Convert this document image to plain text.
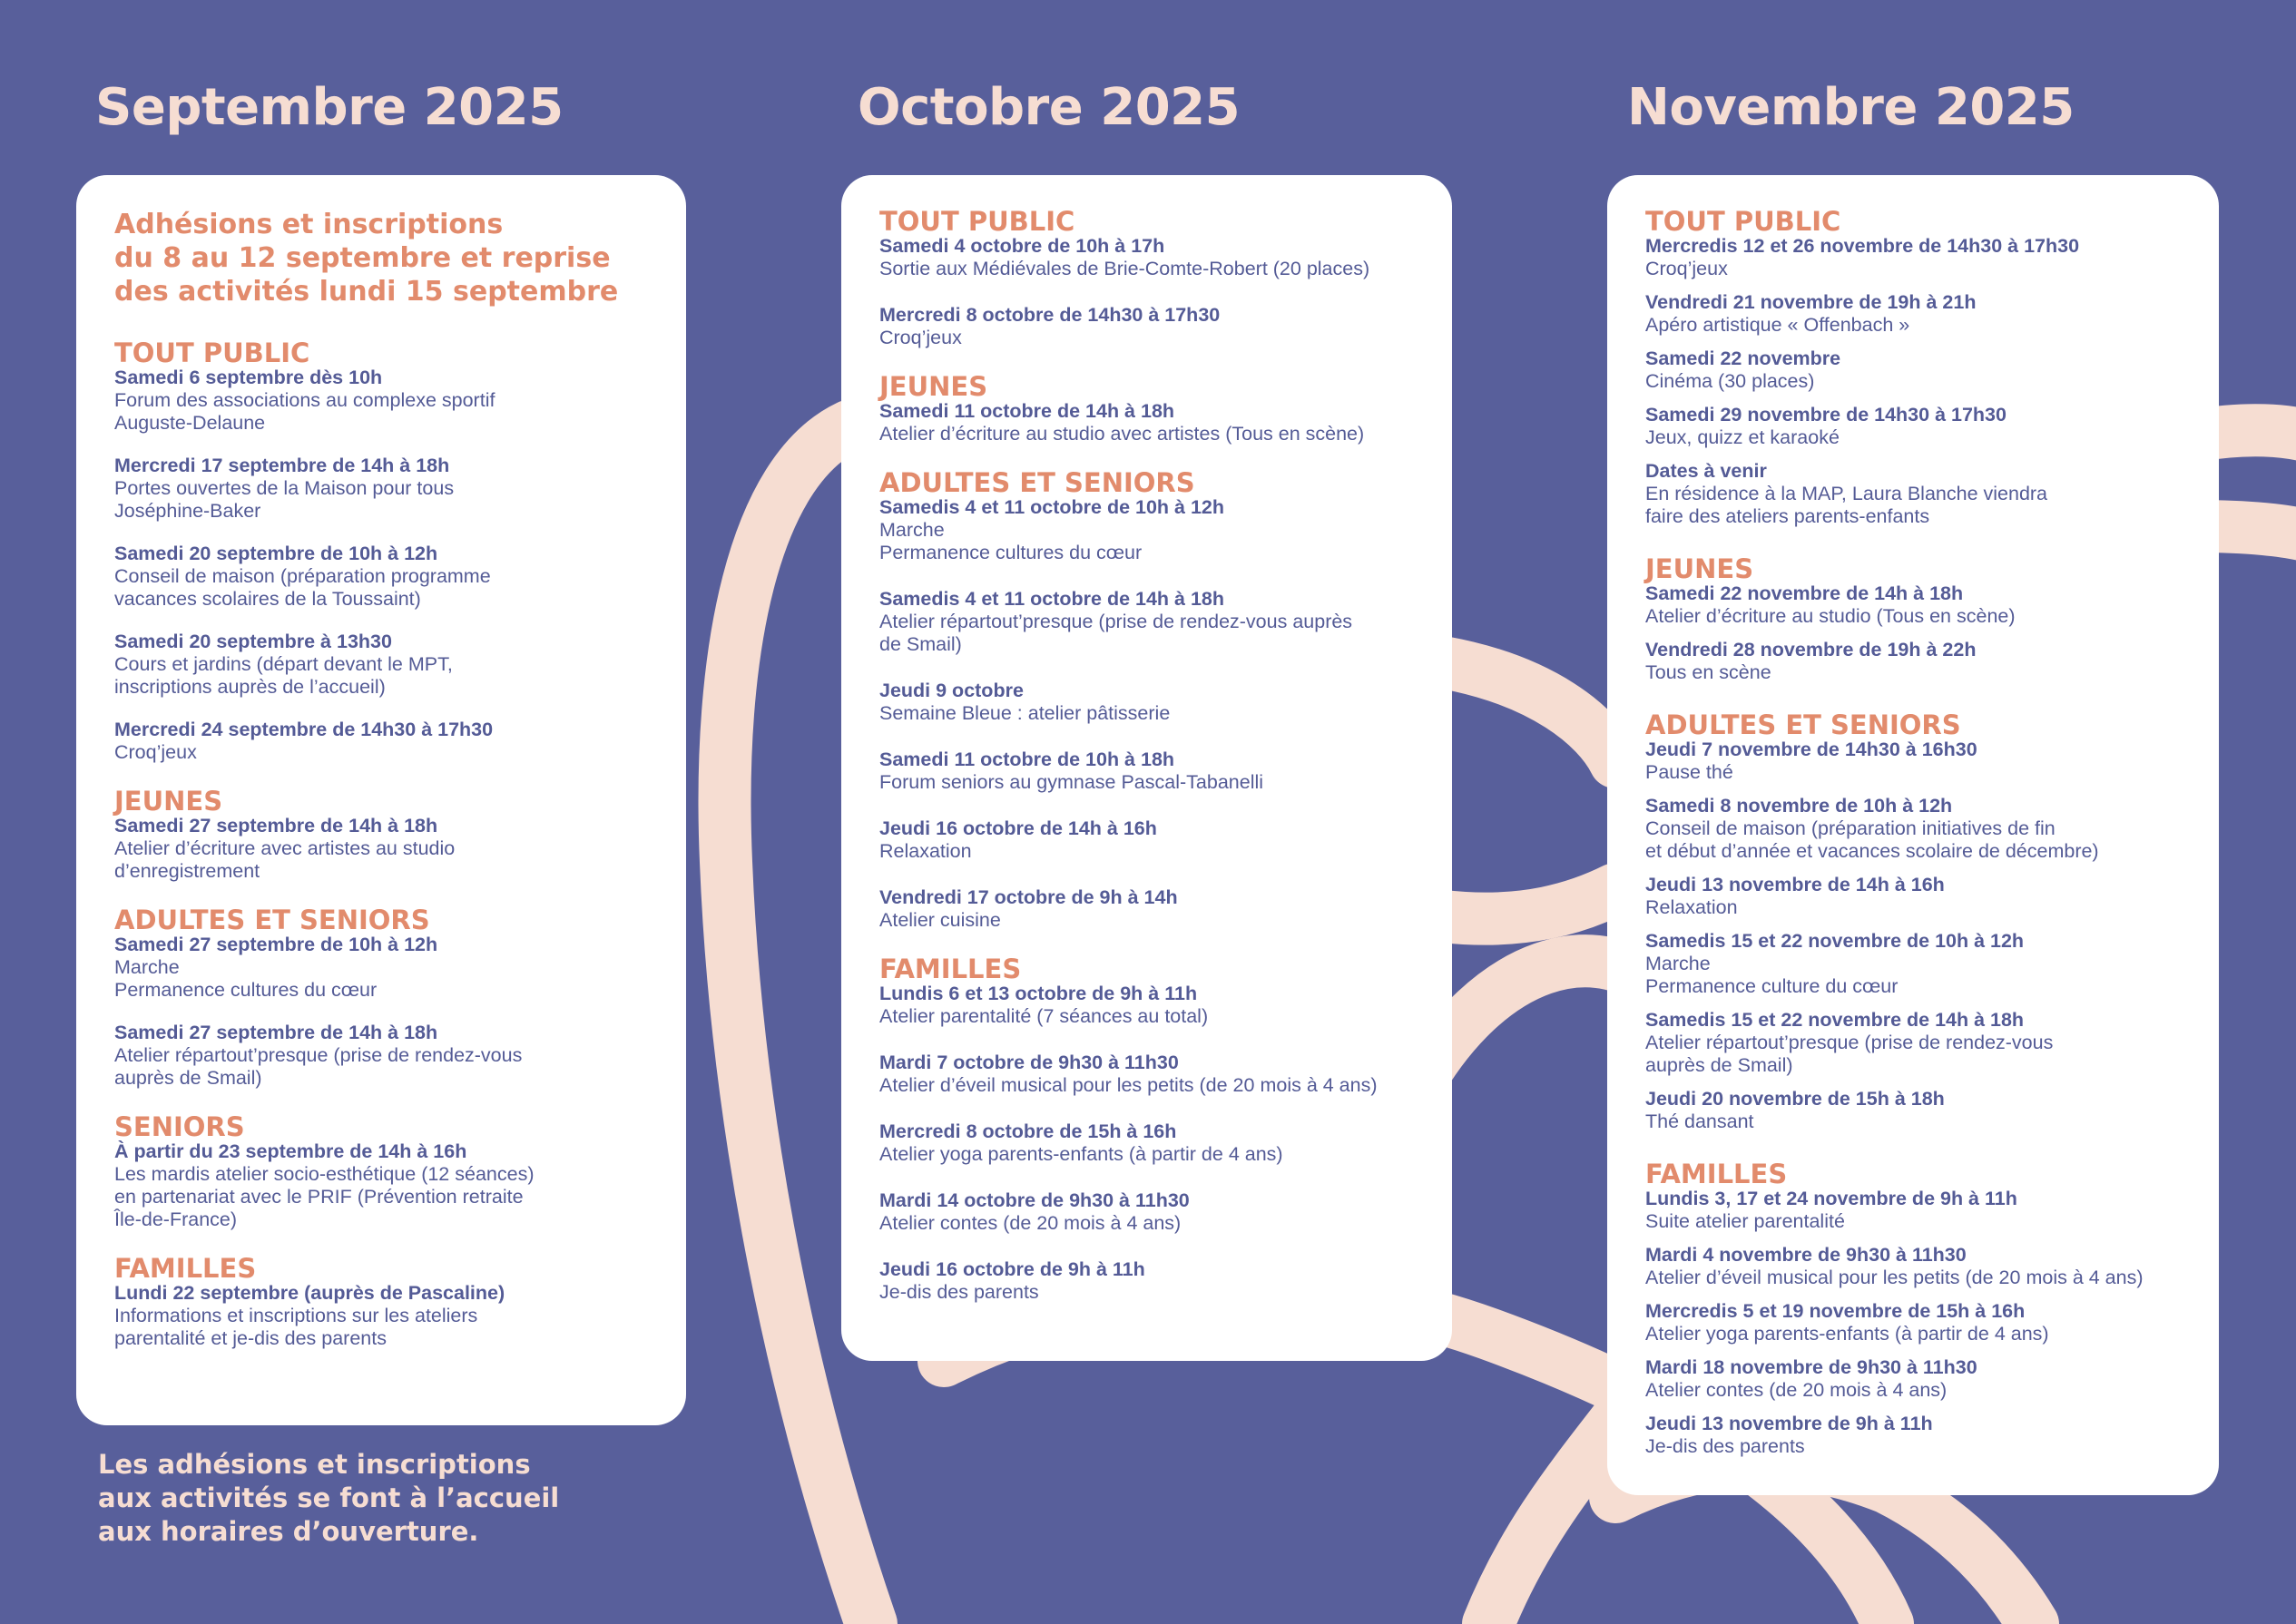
Septembre 2025	Octobre 2025	Novembre 2025
Adhésions et inscriptions
du 8 au 12 septembre et reprise
des activités lundi 15 septembre
TOUT PUBLIC
Samedi 6 septembre dès 10h
Forum des associations au complexe sportif
Auguste-Delaune
Mercredi 17 septembre de 14h à 18h
Portes ouvertes de la Maison pour tous
Joséphine-Baker
Samedi 20 septembre de 10h à 12h
Conseil de maison (préparation programme
vacances scolaires de la Toussaint)
Samedi 20 septembre à 13h30
Cours et jardins (départ devant le MPT,
inscriptions auprès de l’accueil)
Mercredi 24 septembre de 14h30 à 17h30
Croq’jeux
JEUNES
Samedi 27 septembre de 14h à 18h
Atelier d’écriture avec artistes au studio
d’enregistrement
ADULTES ET SENIORS
Samedi 27 septembre de 10h à 12h
Marche
Permanence cultures du cœur
Samedi 27 septembre de 14h à 18h
Atelier répartout’presque (prise de rendez-vous
auprès de Smail)
SENIORS
À partir du 23 septembre de 14h à 16h
Les mardis atelier socio-esthétique (12 séances)
en partenariat avec le PRIF (Prévention retraite
Île-de-France)
FAMILLES
Lundi 22 septembre (auprès de Pascaline)
Informations et inscriptions sur les ateliers
parentalité et je-dis des parents
TOUT PUBLIC
Samedi 4 octobre de 10h à 17h
Sortie aux Médiévales de Brie-Comte-Robert (20 places)
Mercredi 8 octobre de 14h30 à 17h30
Croq’jeux
JEUNES
Samedi 11 octobre de 14h à 18h
Atelier d’écriture au studio avec artistes (Tous en scène)
ADULTES ET SENIORS
Samedis 4 et 11 octobre de 10h à 12h
Marche
Permanence cultures du cœur
Samedis 4 et 11 octobre de 14h à 18h
Atelier répartout’presque (prise de rendez-vous auprès
de Smail)
Jeudi 9 octobre
Semaine Bleue : atelier pâtisserie
Samedi 11 octobre de 10h à 18h
Forum seniors au gymnase Pascal-Tabanelli
Jeudi 16 octobre de 14h à 16h
Relaxation
Vendredi 17 octobre de 9h à 14h
Atelier cuisine
FAMILLES
Lundis 6 et 13 octobre de 9h à 11h
Atelier parentalité (7 séances au total)
Mardi 7 octobre de 9h30 à 11h30
Atelier d’éveil musical pour les petits (de 20 mois à 4 ans)
Mercredi 8 octobre de 15h à 16h
Atelier yoga parents-enfants (à partir de 4 ans)
Mardi 14 octobre de 9h30 à 11h30
Atelier contes (de 20 mois à 4 ans)
Jeudi 16 octobre de 9h à 11h
Je-dis des parents
TOUT PUBLIC
Mercredis 12 et 26 novembre de 14h30 à 17h30
Croq’jeux
Vendredi 21 novembre de 19h à 21h
Apéro artistique « Offenbach »
Samedi 22 novembre
Cinéma (30 places)
Samedi 29 novembre de 14h30 à 17h30
Jeux, quizz et karaoké
Dates à venir
En résidence à la MAP, Laura Blanche viendra
faire des ateliers parents-enfants
JEUNES
Samedi 22 novembre de 14h à 18h
Atelier d’écriture au studio (Tous en scène)
Vendredi 28 novembre de 19h à 22h
Tous en scène
ADULTES ET SENIORS
Jeudi 7 novembre de 14h30 à 16h30
Pause thé
Samedi 8 novembre de 10h à 12h
Conseil de maison (préparation initiatives de fin
et début d’année et vacances scolaire de décembre)
Jeudi 13 novembre de 14h à 16h
Relaxation
Samedis 15 et 22 novembre de 10h à 12h
Marche
Permanence culture du cœur
Samedis 15 et 22 novembre de 14h à 18h
Atelier répartout’presque (prise de rendez-vous
auprès de Smail)
Jeudi 20 novembre de 15h à 18h
Thé dansant
FAMILLES
Lundis 3, 17 et 24 novembre de 9h à 11h
Suite atelier parentalité
Mardi 4 novembre de 9h30 à 11h30
Atelier d’éveil musical pour les petits (de 20 mois à 4 ans)
Mercredis 5 et 19 novembre de 15h à 16h
Atelier yoga parents-enfants (à partir de 4 ans)
Mardi 18 novembre de 9h30 à 11h30
Atelier contes (de 20 mois à 4 ans)
Jeudi 13 novembre de 9h à 11h
Je-dis des parents

Les adhésions et inscriptions
aux activités se font à l’accueil
aux horaires d’ouverture.
